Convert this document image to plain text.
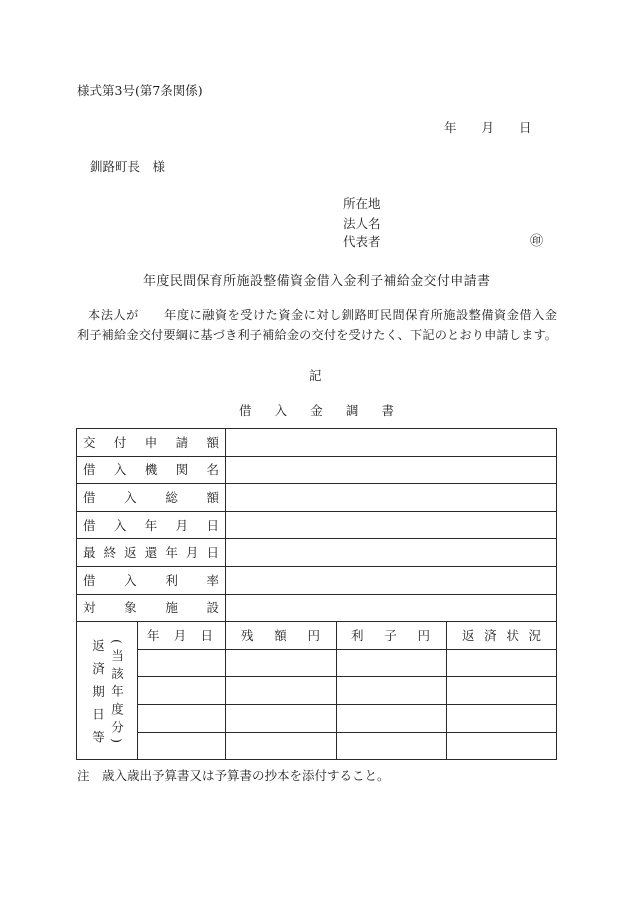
様式第3号(第7条関係)
年　　月　　日
釧路町長　様
所在地
法人名
代表者	㊞
年度民間保育所施設整備資金借入金利子補給金交付申請書
本法人が　　年度に融資を受けた資金に対し釧路町民間保育所施設整備資金借入金
利子補給金交付要綱に基づき利子補給金の交付を受けたく、下記のとおり申請します。
記
借　入　金　調　書
交　付　申　請　額				

借　入　機　関　名				

借　　入　　総　　額				

借　入　年　月　日				

最 終 返 還 年 月 日				

借　　入　　利　　率				

対　　象　　施　　設				

返済期日等 (当該年度分)	年　月　日	残　額　円	利　子　円	返 済 状 況

注　歳入歳出予算書又は予算書の抄本を添付すること。
